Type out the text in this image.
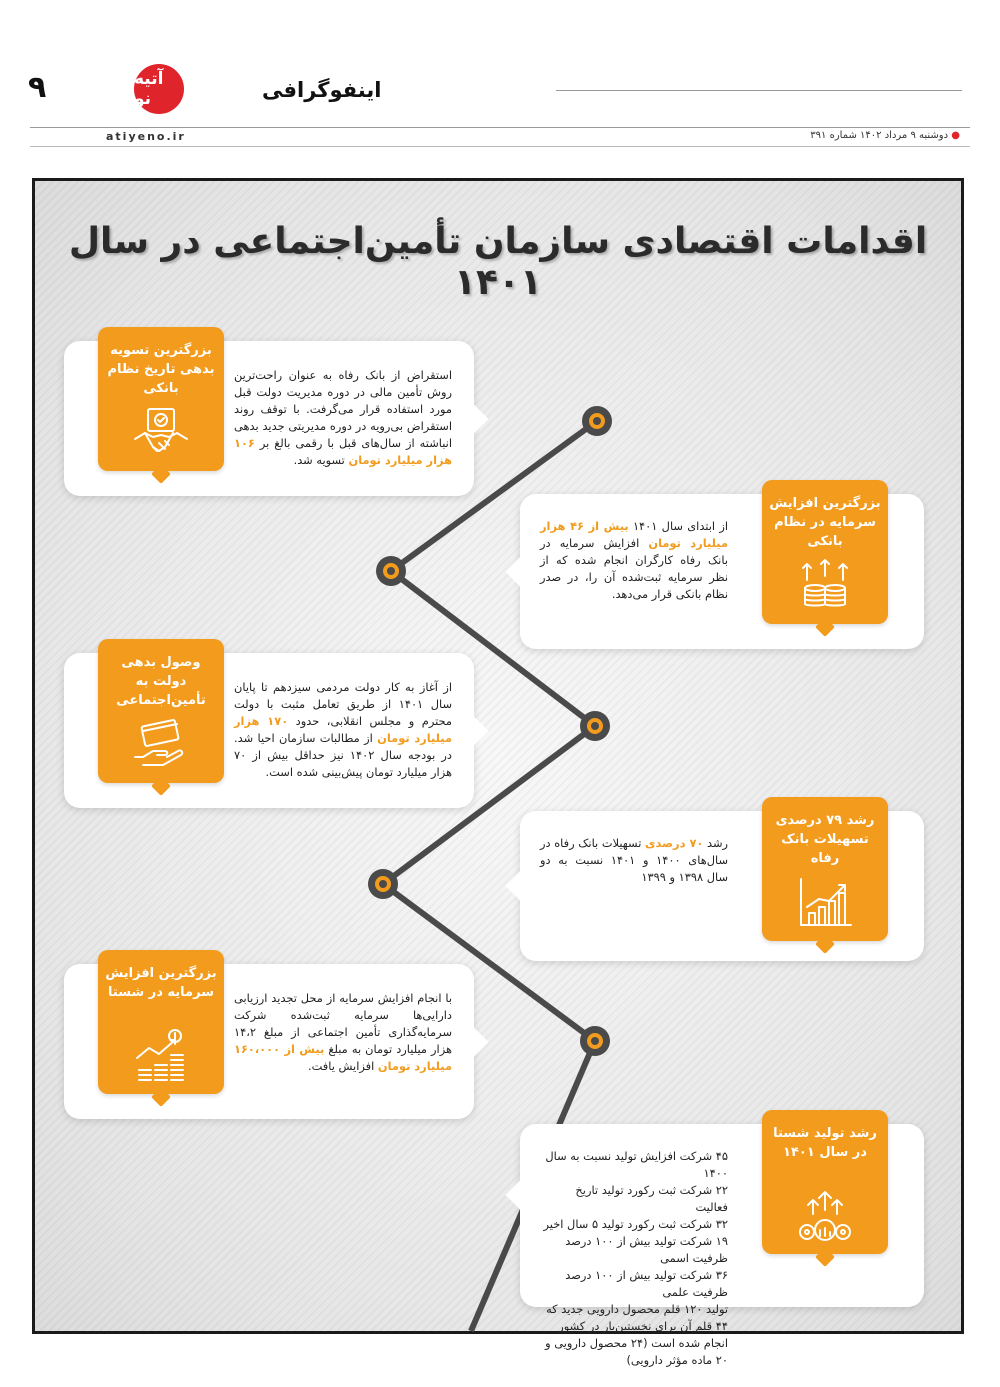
۹	آتیه نو	اینفوگرافی
atiyeno.ir	● دوشنبه ۹ مرداد ۱۴۰۲ شماره ۳۹۱
اقدامات اقتصادی سازمان تأمین‌اجتماعی در سال ۱۴۰۱
بزرگترین تسویه بدهی تاریخ نظام بانکی
استقراض از بانک رفاه به عنوان راحت‌ترین روش تأمین مالی در دوره مدیریت دولت قبل مورد استفاده قرار می‌گرفت. با توقف روند استقراض بی‌رویه در دوره مدیریتی جدید بدهی انباشته از سال‌های قبل با رقمی بالغ بر ۱۰۶ هزار میلیارد تومان تسویه شد.
بزرگترین افزایش سرمایه در نظام بانکی
از ابتدای سال ۱۴۰۱ بیش از ۴۶ هزار میلیارد تومان افزایش سرمایه در بانک رفاه کارگران انجام شده که از نظر سرمایه ثبت‌شده آن را، در صدر نظام بانکی قرار می‌دهد.
وصول بدهی دولت به تأمین‌اجتماعی
از آغاز به کار دولت مردمی سیزدهم تا پایان سال ۱۴۰۱ از طریق تعامل مثبت با دولت محترم و مجلس انقلابی، حدود ۱۷۰ هزار میلیارد تومان از مطالبات سازمان احیا شد. در بودجه سال ۱۴۰۲ نیز حداقل بیش از ۷۰ هزار میلیارد تومان پیش‌بینی شده است.
رشد ۷۹ درصدی تسهیلات بانک رفاه
رشد ۷۰ درصدی تسهیلات بانک رفاه در سال‌های ۱۴۰۰ و ۱۴۰۱ نسبت به دو سال ۱۳۹۸ و ۱۳۹۹
بزرگترین افزایش سرمایه در شستا	با انجام افزایش سرمایه از محل تجدید ارزیابی دارایی‌ها سرمایه ثبت‌شده شرکت سرمایه‌گذاری تأمین اجتماعی از مبلغ ۱۴،۲ هزار میلیارد تومان به مبلغ بیش از ۱۶۰،۰۰۰ میلیارد تومان افزایش یافت.
رشد تولید شستا در سال ۱۴۰۱
۴۵ شرکت افزایش تولید نسبت به سال ۱۴۰۰
۲۲ شرکت ثبت رکورد تولید تاریخ فعالیت
۳۲ شرکت ثبت رکورد تولید ۵ سال اخیر
۱۹ شرکت تولید بیش از ۱۰۰ درصد ظرفیت اسمی
۳۶ شرکت تولید بیش از ۱۰۰ درصد ظرفیت علمی
تولید ۱۲۰ قلم محصول دارویی جدید که ۴۴ قلم آن برای نخستین‌بار در کشور انجام شده است (۲۴ محصول دارویی و ۲۰ ماده مؤثر دارویی)
